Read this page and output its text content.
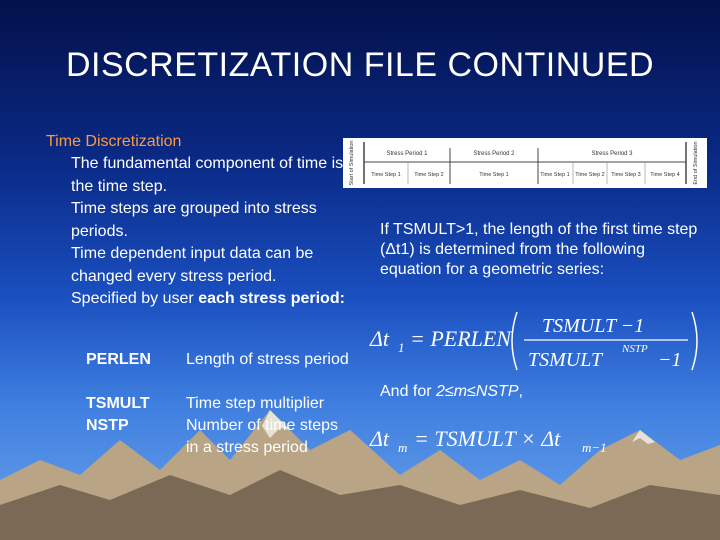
DISCRETIZATION FILE CONTINUED
Time Discretization

The fundamental component of time is the time step.

Time steps are grouped into stress periods.

Time dependent input data can be changed every stress period.

Specified by user each stress period:

PERLEN Length of stress period
TSMULT Time step multiplier
NSTP	Number of time steps in a stress period
Start of Simulation	End of Simulation
Stress Period 1	Stress Period 2	Stress Period 3
Time Step 1 Time Step 2	Time Step 1	Time Step 1 Time Step 2 Time Step 3 Time Step 4

If TSMULT>1, the length of the first time step (Δt1) is determined from the following equation for a geometric series:

Δt 1 = PERLEN TSMULT −1
TSMULT NSTP −1
And for 2≤m≤NSTP,
Δt m = TSMULT × Δt m−1
